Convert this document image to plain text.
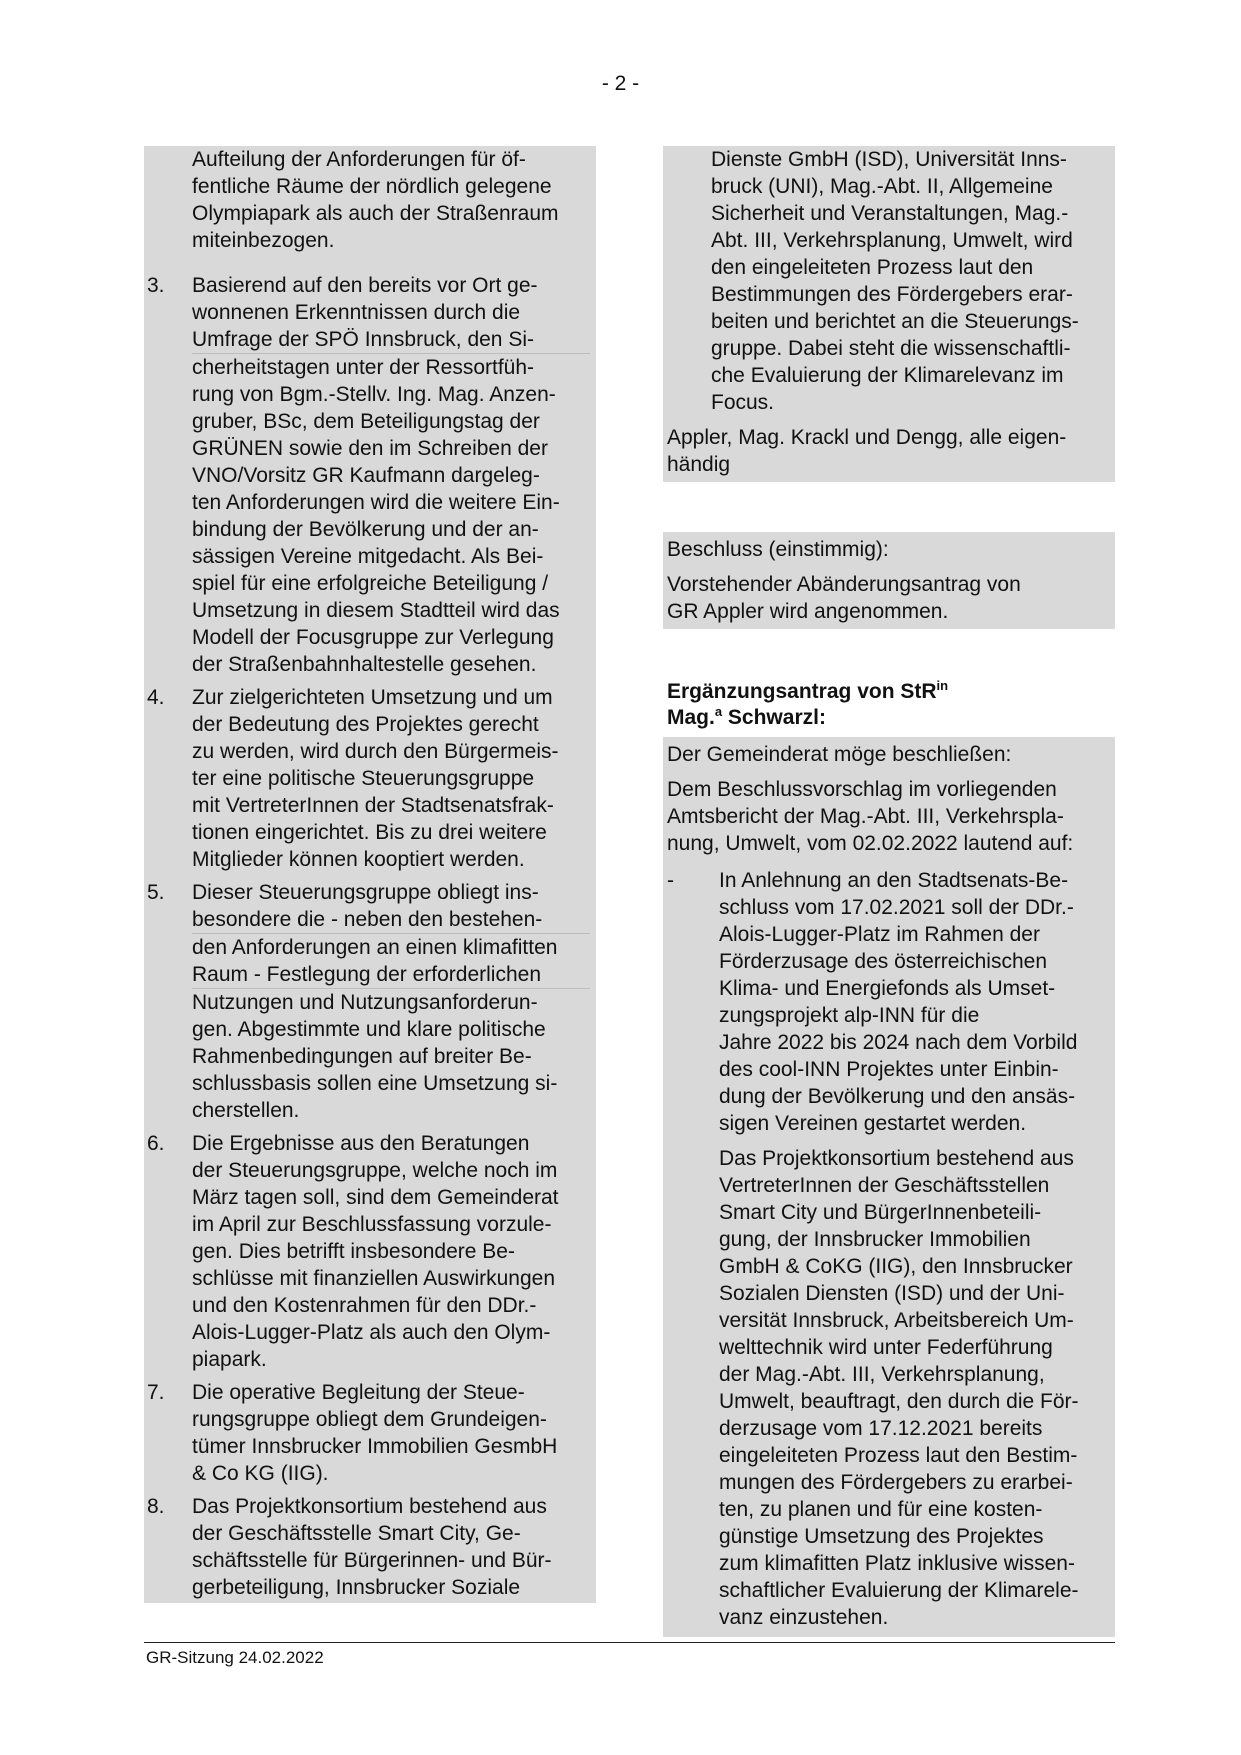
- 2 -
Aufteilung der Anforderungen für öf-
fentliche Räume der nördlich gelegene
Olympiapark als auch der Straßenraum
miteinbezogen.
3.	Basierend auf den bereits vor Ort ge-
wonnenen Erkenntnissen durch die
Umfrage der SPÖ Innsbruck, den Si-
cherheitstagen unter der Ressortfüh-
rung von Bgm.-Stellv. Ing. Mag. Anzen-
gruber, BSc, dem Beteiligungstag der
GRÜNEN sowie den im Schreiben der
VNO/Vorsitz GR Kaufmann dargeleg-
ten Anforderungen wird die weitere Ein-
bindung der Bevölkerung und der an-
sässigen Vereine mitgedacht. Als Bei-
spiel für eine erfolgreiche Beteiligung /
Umsetzung in diesem Stadtteil wird das
Modell der Focusgruppe zur Verlegung
der Straßenbahnhaltestelle gesehen.
4.	Zur zielgerichteten Umsetzung und um
der Bedeutung des Projektes gerecht
zu werden, wird durch den Bürgermeis-
ter eine politische Steuerungsgruppe
mit VertreterInnen der Stadtsenatsfrak-
tionen eingerichtet. Bis zu drei weitere
Mitglieder können kooptiert werden.
5.	Dieser Steuerungsgruppe obliegt ins-
besondere die - neben den bestehen-
den Anforderungen an einen klimafitten
Raum - Festlegung der erforderlichen
Nutzungen und Nutzungsanforderun-
gen. Abgestimmte und klare politische
Rahmenbedingungen auf breiter Be-
schlussbasis sollen eine Umsetzung si-
cherstellen.
6.	Die Ergebnisse aus den Beratungen
der Steuerungsgruppe, welche noch im
März tagen soll, sind dem Gemeinderat
im April zur Beschlussfassung vorzule-
gen. Dies betrifft insbesondere Be-
schlüsse mit finanziellen Auswirkungen
und den Kostenrahmen für den DDr.-
Alois-Lugger-Platz als auch den Olym-
piapark.
7.	Die operative Begleitung der Steue-
rungsgruppe obliegt dem Grundeigen-
tümer Innsbrucker Immobilien GesmbH
& Co KG (IIG).
8.	Das Projektkonsortium bestehend aus
der Geschäftsstelle Smart City, Ge-
schäftsstelle für Bürgerinnen- und Bür-
gerbeteiligung, Innsbrucker Soziale
Dienste GmbH (ISD), Universität Inns-
bruck (UNI), Mag.-Abt. II, Allgemeine
Sicherheit und Veranstaltungen, Mag.-
Abt. III, Verkehrsplanung, Umwelt, wird
den eingeleiteten Prozess laut den
Bestimmungen des Fördergebers erar-
beiten und berichtet an die Steuerungs-
gruppe. Dabei steht die wissenschaftli-
che Evaluierung der Klimarelevanz im
Focus.
Appler, Mag. Krackl und Dengg, alle eigen-
händig
Beschluss (einstimmig):
Vorstehender Abänderungsantrag von
GR Appler wird angenommen.
Ergänzungsantrag von StR$^{in}$
Mag.$^a$ Schwarzl:
Der Gemeinderat möge beschließen:
Dem Beschlussvorschlag im vorliegenden
Amtsbericht der Mag.-Abt. III, Verkehrspla-
nung, Umwelt, vom 02.02.2022 lautend auf:
-	In Anlehnung an den Stadtsenats-Be-
schluss vom 17.02.2021 soll der DDr.-
Alois-Lugger-Platz im Rahmen der
Förderzusage des österreichischen
Klima- und Energiefonds als Umset-
zungsprojekt alp-INN für die
Jahre 2022 bis 2024 nach dem Vorbild
des cool-INN Projektes unter Einbin-
dung der Bevölkerung und den ansäs-
sigen Vereinen gestartet werden.
Das Projektkonsortium bestehend aus
VertreterInnen der Geschäftsstellen
Smart City und BürgerInnenbeteili-
gung, der Innsbrucker Immobilien
GmbH & CoKG (IIG), den Innsbrucker
Sozialen Diensten (ISD) und der Uni-
versität Innsbruck, Arbeitsbereich Um-
welttechnik wird unter Federführung
der Mag.-Abt. III, Verkehrsplanung,
Umwelt, beauftragt, den durch die För-
derzusage vom 17.12.2021 bereits
eingeleiteten Prozess laut den Bestim-
mungen des Fördergebers zu erarbei-
ten, zu planen und für eine kosten-
günstige Umsetzung des Projektes
zum klimafitten Platz inklusive wissen-
schaftlicher Evaluierung der Klimarele-
vanz einzustehen.
GR-Sitzung 24.02.2022
